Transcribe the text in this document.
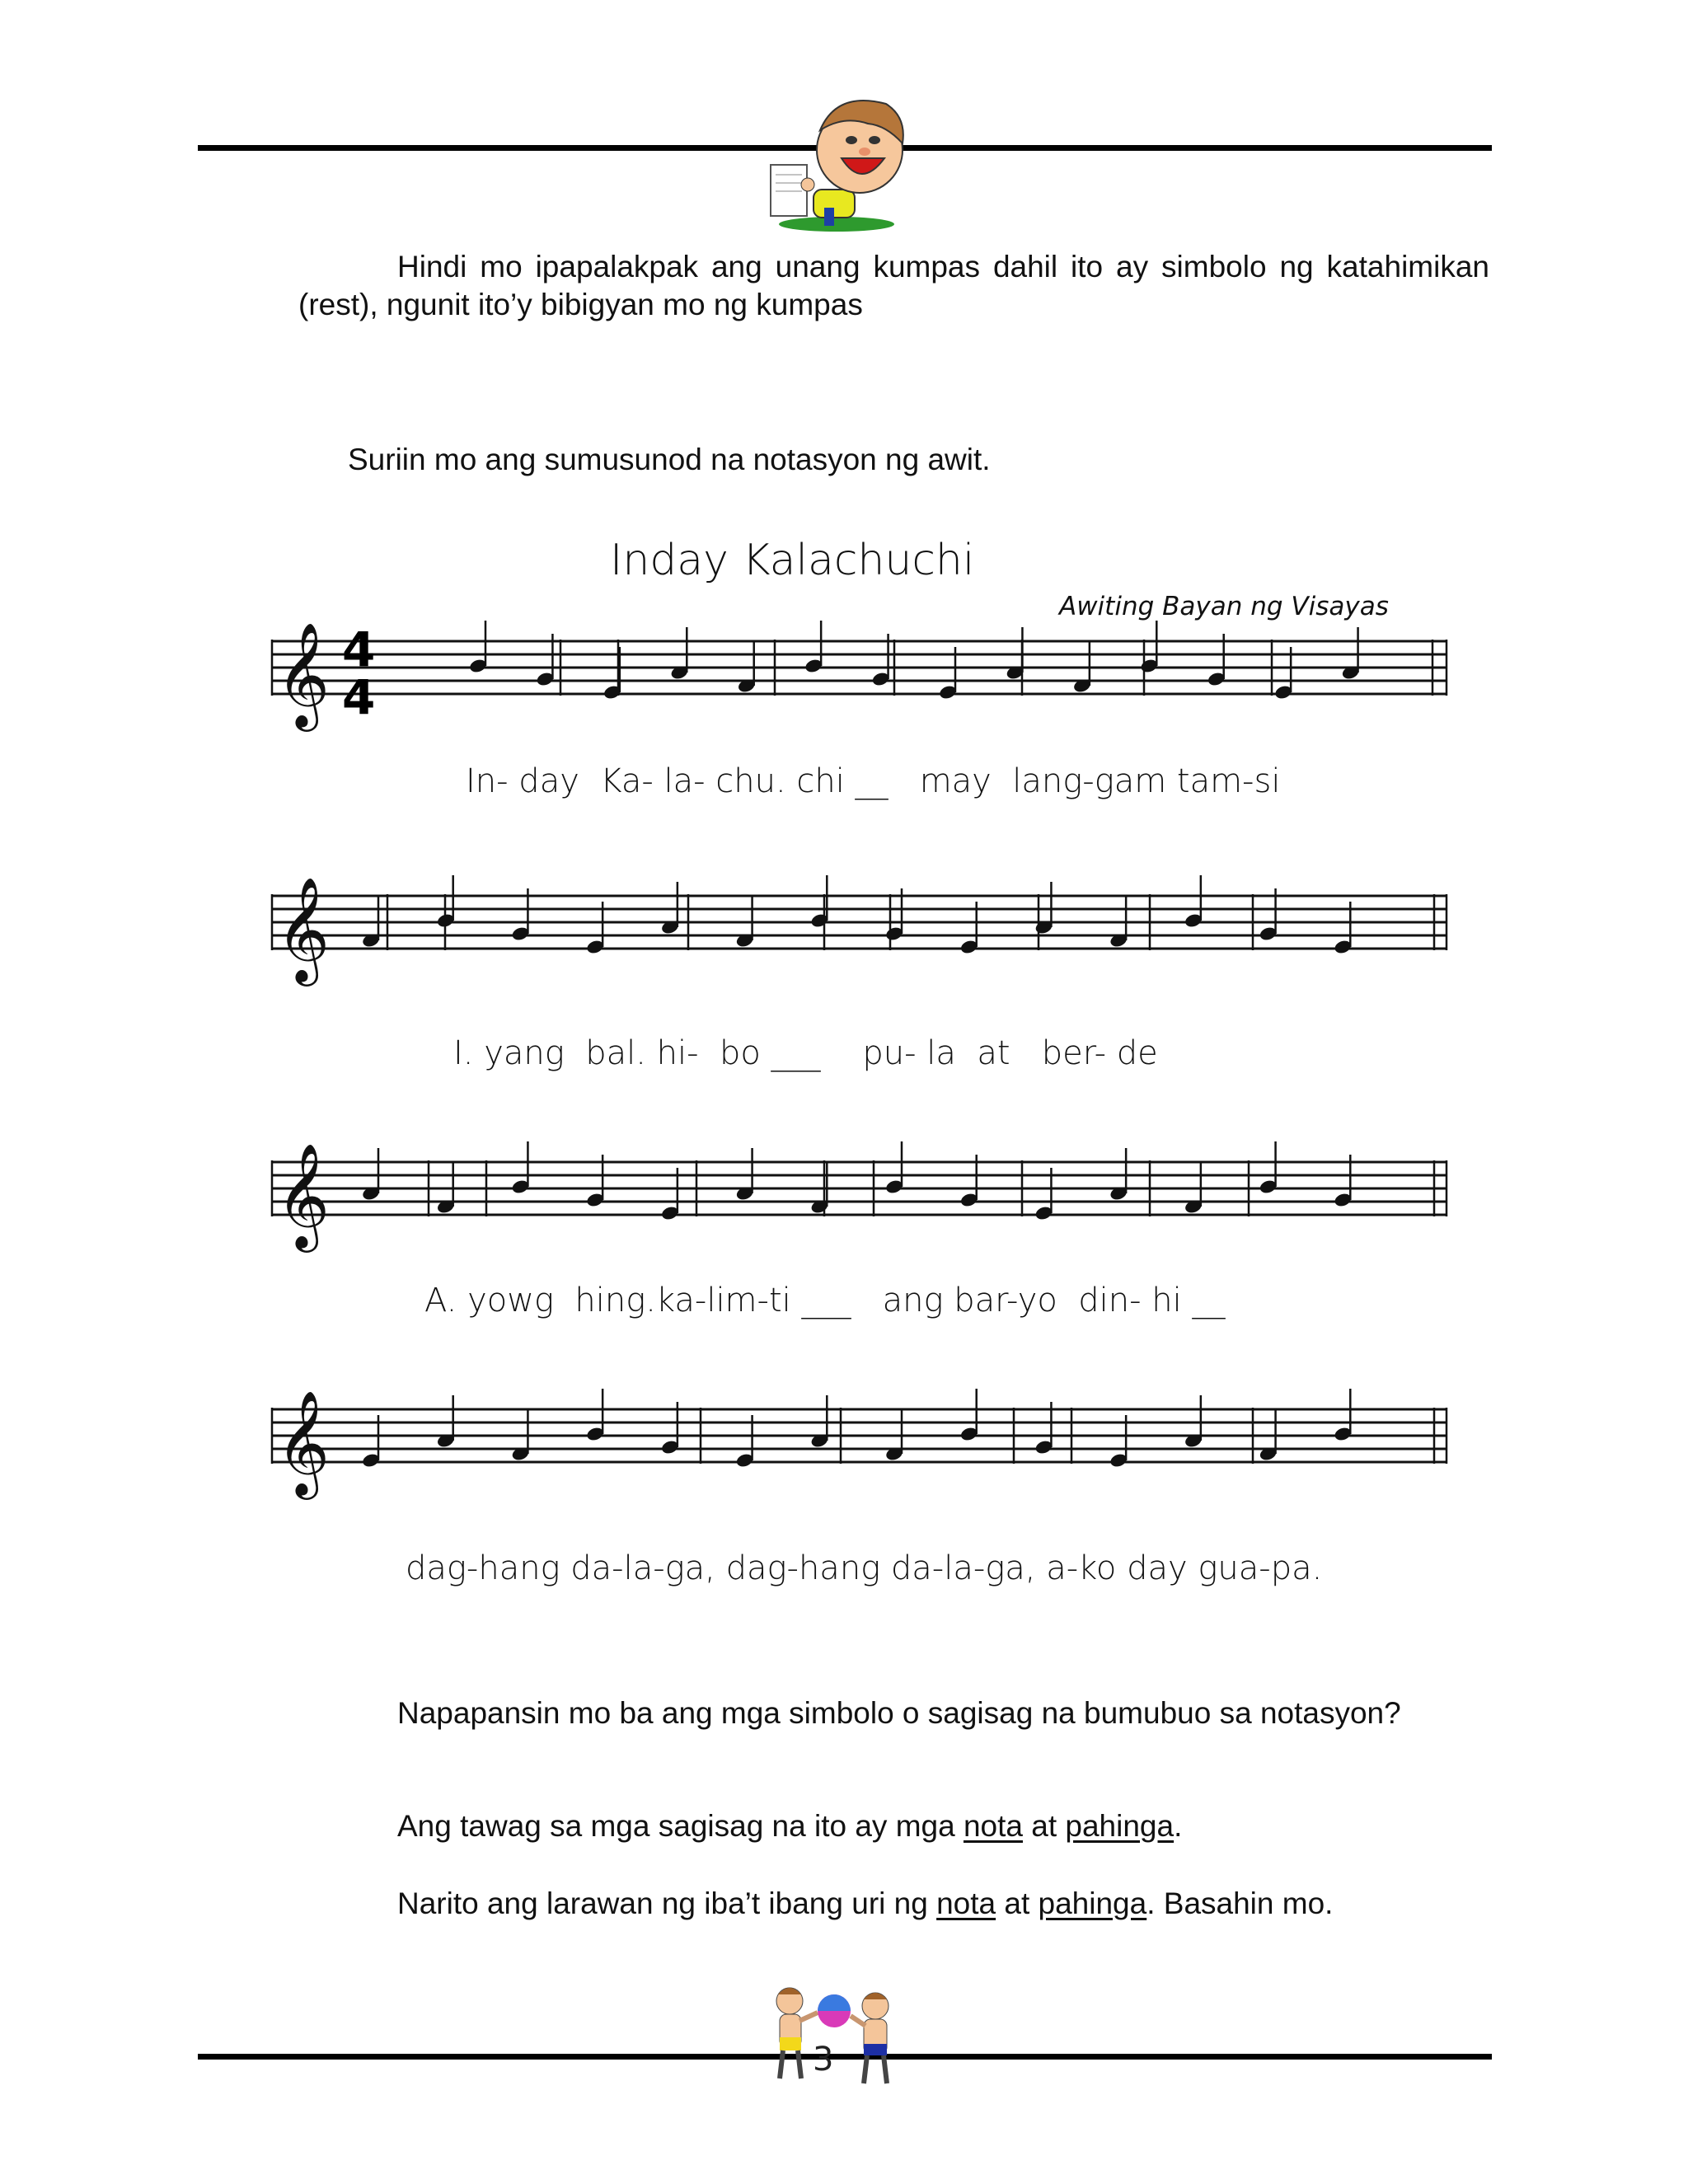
Hindi mo ipapalakpak ang unang kumpas dahil ito ay simbolo ng katahimikan (rest), ngunit ito’y bibigyan mo ng kumpas
Suriin mo ang sumusunod na notasyon ng awit.
Inday Kalachuchi
Awiting Bayan ng Visayas
𝄞
𝄞
𝄞
𝄞
4
4
In- day  Ka- la- chu. chi __   may  lang-gam tam-si
I. yang  bal. hi-  bo ___    pu- la  at   ber- de
A. yowg  hing.ka-lim-ti ___   ang bar-yo  din- hi __
dag-hang da-la-ga, dag-hang da-la-ga, a-ko day gua-pa.
Napapansin mo ba ang mga simbolo o sagisag na bumubuo sa notasyon?
Ang tawag sa mga sagisag na ito ay mga nota at pahinga.
Narito ang larawan ng iba’t ibang uri ng nota at pahinga. Basahin mo.
3
